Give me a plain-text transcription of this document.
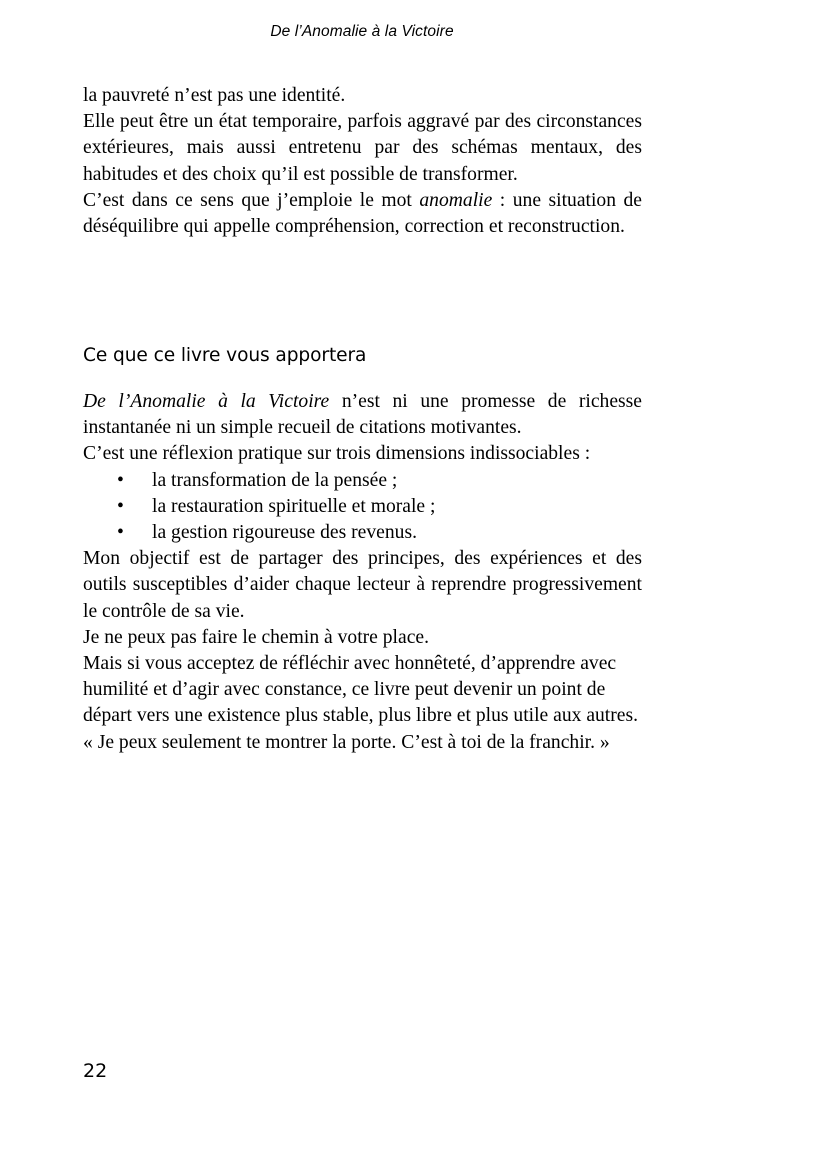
De l’Anomalie à la Victoire

la pauvreté n’est pas une identité.

Elle peut être un état temporaire, parfois aggravé par des circonstances extérieures, mais aussi entretenu par des schémas mentaux, des habitudes et des choix qu’il est possible de transformer.

C’est dans ce sens que j’emploie le mot anomalie : une situation de déséquilibre qui appelle compréhension, correction et reconstruction.

Ce que ce livre vous apportera

De l’Anomalie à la Victoire n’est ni une promesse de richesse instantanée ni un simple recueil de citations motivantes.

C’est une réflexion pratique sur trois dimensions indissociables :

•	la transformation de la pensée ;
•	la restauration spirituelle et morale ;
•	la gestion rigoureuse des revenus.

Mon objectif est de partager des principes, des expériences et des outils susceptibles d’aider chaque lecteur à reprendre progressivement le contrôle de sa vie.

Je ne peux pas faire le chemin à votre place.

Mais si vous acceptez de réfléchir avec honnêteté, d’apprendre avec humilité et d’agir avec constance, ce livre peut devenir un point de départ vers une existence plus stable, plus libre et plus utile aux autres.

« Je peux seulement te montrer la porte. C’est à toi de la franchir. »

22
